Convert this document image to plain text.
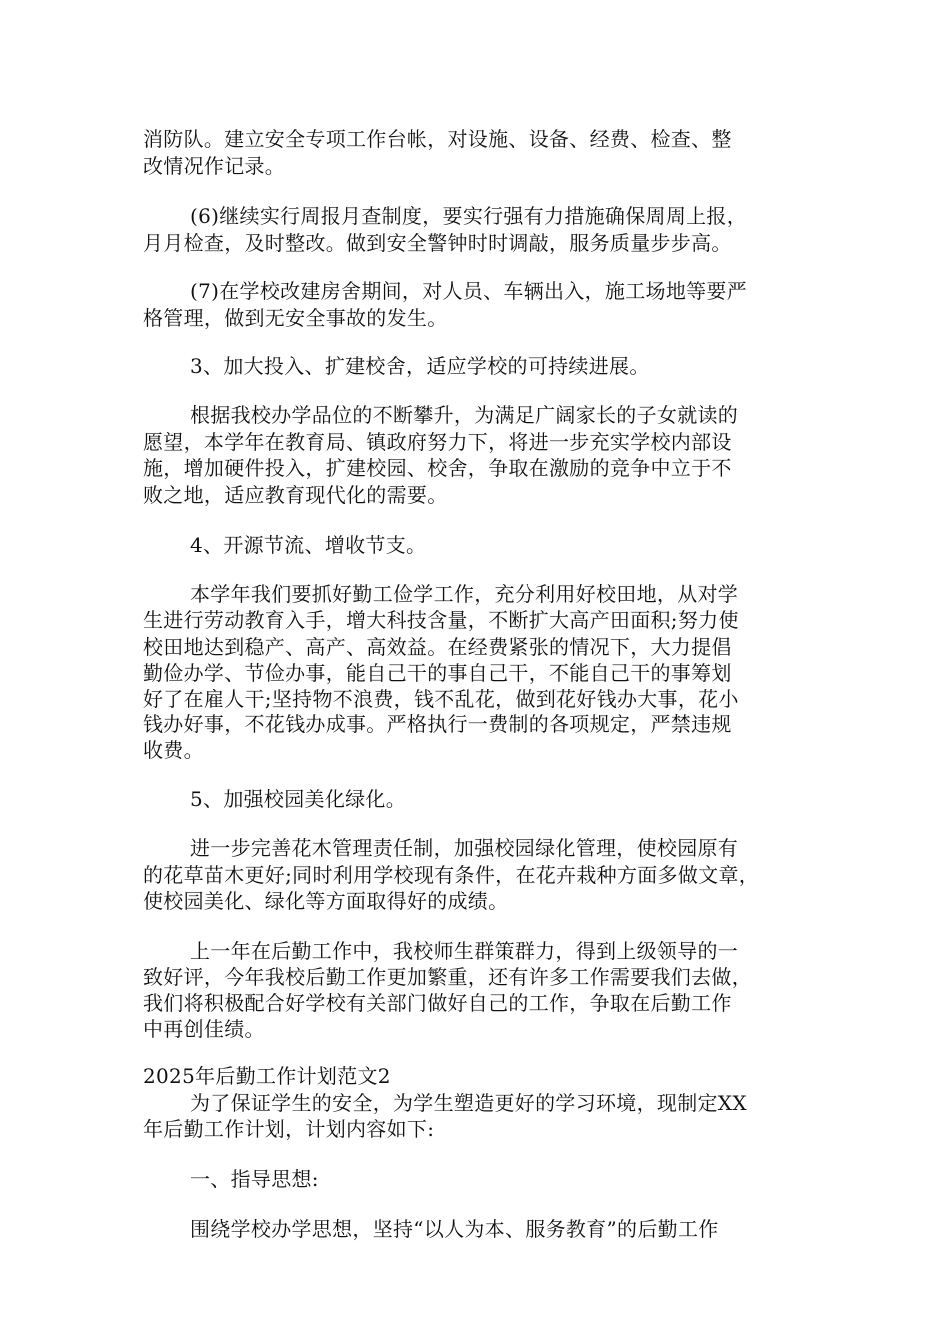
消防队。建立安全专项工作台帐，对设施、设备、经费、检查、整
改情况作记录。
(6)继续实行周报月查制度，要实行强有力措施确保周周上报，
月月检查，及时整改。做到安全警钟时时调敲，服务质量步步高。
(7)在学校改建房舍期间，对人员、车辆出入，施工场地等要严
格管理，做到无安全事故的发生。
3、加大投入、扩建校舍，适应学校的可持续进展。
根据我校办学品位的不断攀升，为满足广阔家长的子女就读的
愿望，本学年在教育局、镇政府努力下，将进一步充实学校内部设
施，增加硬件投入，扩建校园、校舍，争取在激励的竞争中立于不
败之地，适应教育现代化的需要。
4、开源节流、增收节支。
本学年我们要抓好勤工俭学工作，充分利用好校田地，从对学
生进行劳动教育入手，增大科技含量，不断扩大高产田面积;努力使
校田地达到稳产、高产、高效益。在经费紧张的情况下，大力提倡
勤俭办学、节俭办事，能自己干的事自己干，不能自己干的事筹划
好了在雇人干;坚持物不浪费，钱不乱花，做到花好钱办大事，花小
钱办好事，不花钱办成事。严格执行一费制的各项规定，严禁违规
收费。
5、加强校园美化绿化。
进一步完善花木管理责任制，加强校园绿化管理，使校园原有
的花草苗木更好;同时利用学校现有条件，在花卉栽种方面多做文章，
使校园美化、绿化等方面取得好的成绩。
上一年在后勤工作中，我校师生群策群力，得到上级领导的一
致好评，今年我校后勤工作更加繁重，还有许多工作需要我们去做，
我们将积极配合好学校有关部门做好自己的工作，争取在后勤工作
中再创佳绩。
2025年后勤工作计划范文2
为了保证学生的安全，为学生塑造更好的学习环境，现制定XX
年后勤工作计划，计划内容如下:
一、指导思想:
围绕学校办学思想，坚持“以人为本、服务教育”的后勤工作
